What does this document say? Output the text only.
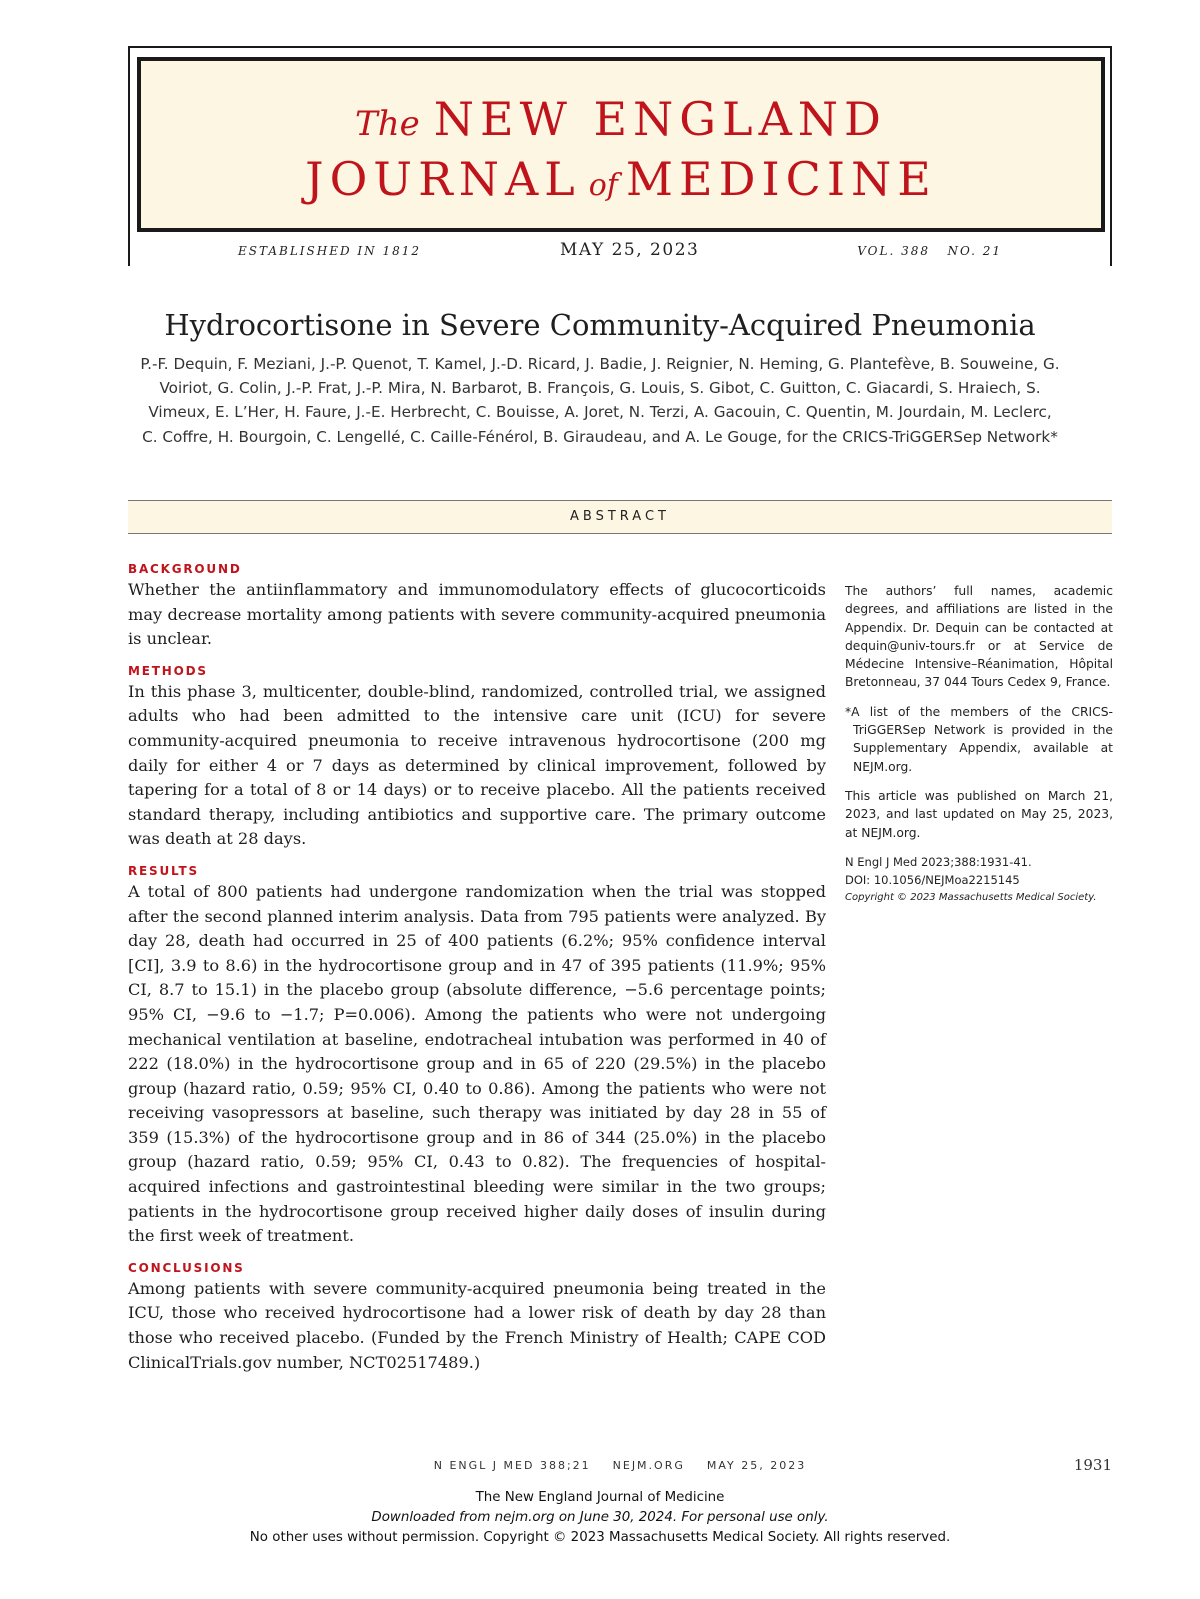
The NEW ENGLAND
JOURNAL of MEDICINE
ESTABLISHED IN 1812	MAY 25, 2023	VOL. 388   NO. 21
Hydrocortisone in Severe Community-Acquired Pneumonia
P.-F. Dequin, F. Meziani, J.-P. Quenot, T. Kamel, J.-D. Ricard, J. Badie, J. Reignier, N. Heming, G. Plantefève, B. Souweine, G. Voiriot, G. Colin, J.-P. Frat, J.-P. Mira, N. Barbarot, B. François, G. Louis, S. Gibot, C. Guitton, C. Giacardi, S. Hraiech, S. Vimeux, E. L’Her, H. Faure, J.-E. Herbrecht, C. Bouisse, A. Joret, N. Terzi, A. Gacouin, C. Quentin, M. Jourdain, M. Leclerc, C. Coffre, H. Bourgoin, C. Lengellé, C. Caille-Fénérol, B. Giraudeau, and A. Le Gouge, for the CRICS-TriGGERSep Network*
ABSTRACT

BACKGROUND

Whether the antiinflammatory and immunomodulatory effects of glucocorticoids may decrease mortality among patients with severe community-acquired pneumonia is unclear.

METHODS

In this phase 3, multicenter, double-blind, randomized, controlled trial, we assigned adults who had been admitted to the intensive care unit (ICU) for severe community-acquired pneumonia to receive intravenous hydrocortisone (200 mg daily for either 4 or 7 days as determined by clinical improvement, followed by tapering for a total of 8 or 14 days) or to receive placebo. All the patients received standard therapy, including antibiotics and supportive care. The primary outcome was death at 28 days.

RESULTS

A total of 800 patients had undergone randomization when the trial was stopped after the second planned interim analysis. Data from 795 patients were analyzed. By day 28, death had occurred in 25 of 400 patients (6.2%; 95% confidence interval [CI], 3.9 to 8.6) in the hydrocortisone group and in 47 of 395 patients (11.9%; 95% CI, 8.7 to 15.1) in the placebo group (absolute difference, −5.6 percentage points; 95% CI, −9.6 to −1.7; P=0.006). Among the patients who were not undergoing mechanical ventilation at baseline, endotracheal intubation was performed in 40 of 222 (18.0%) in the hydrocortisone group and in 65 of 220 (29.5%) in the placebo group (hazard ratio, 0.59; 95% CI, 0.40 to 0.86). Among the patients who were not receiving vasopressors at baseline, such therapy was initiated by day 28 in 55 of 359 (15.3%) of the hydrocortisone group and in 86 of 344 (25.0%) in the placebo group (hazard ratio, 0.59; 95% CI, 0.43 to 0.82). The frequencies of hospital-acquired infections and gastrointestinal bleeding were similar in the two groups; patients in the hydrocortisone group received higher daily doses of insulin during the first week of treatment.

CONCLUSIONS

Among patients with severe community-acquired pneumonia being treated in the ICU, those who received hydrocortisone had a lower risk of death by day 28 than those who received placebo. (Funded by the French Ministry of Health; CAPE COD ClinicalTrials.gov number, NCT02517489.)

The authors’ full names, academic degrees, and affiliations are listed in the Appendix. Dr. Dequin can be contacted at dequin@univ-tours.fr or at Service de Médecine Intensive–Réanimation, Hôpital Bretonneau, 37 044 Tours Cedex 9, France.

*A list of the members of the CRICS-TriGGERSep Network is provided in the Supplementary Appendix, available at NEJM.org.

This article was published on March 21, 2023, and last updated on May 25, 2023, at NEJM.org.

N Engl J Med 2023;388:1931-41.

DOI: 10.1056/NEJMoa2215145

Copyright © 2023 Massachusetts Medical Society.

N ENGL J MED 388;21    NEJM.ORG    MAY 25, 2023	1931
The New England Journal of Medicine
Downloaded from nejm.org on June 30, 2024. For personal use only.
No other uses without permission. Copyright © 2023 Massachusetts Medical Society. All rights reserved.
